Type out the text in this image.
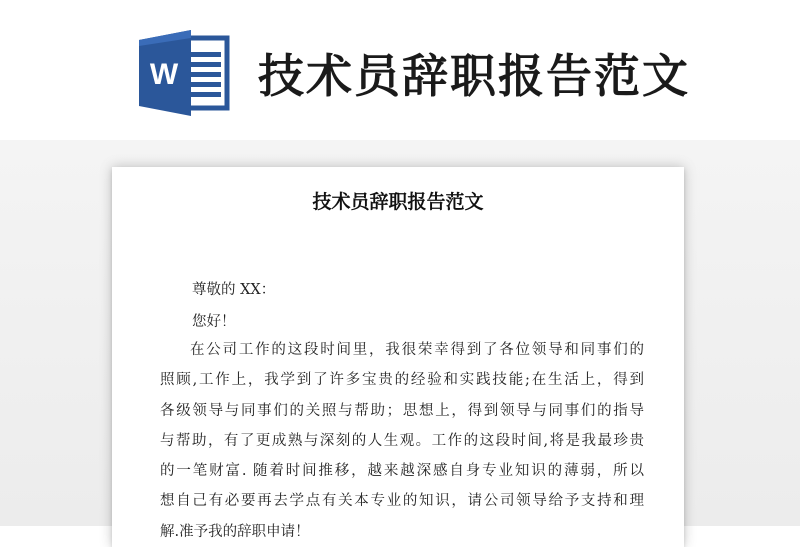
W 技术员辞职报告范文
技术员辞职报告范文
尊敬的 XX：
您好！
在公司工作的这段时间里，我很荣幸得到了各位领导和同事们的
照顾,工作上，我学到了许多宝贵的经验和实践技能;在生活上，得到
各级领导与同事们的关照与帮助；思想上，得到领导与同事们的指导
与帮助，有了更成熟与深刻的人生观。工作的这段时间,将是我最珍贵
的一笔财富. 随着时间推移，越来越深感自身专业知识的薄弱，所以
想自己有必要再去学点有关本专业的知识，请公司领导给予支持和理
解.准予我的辞职申请！
